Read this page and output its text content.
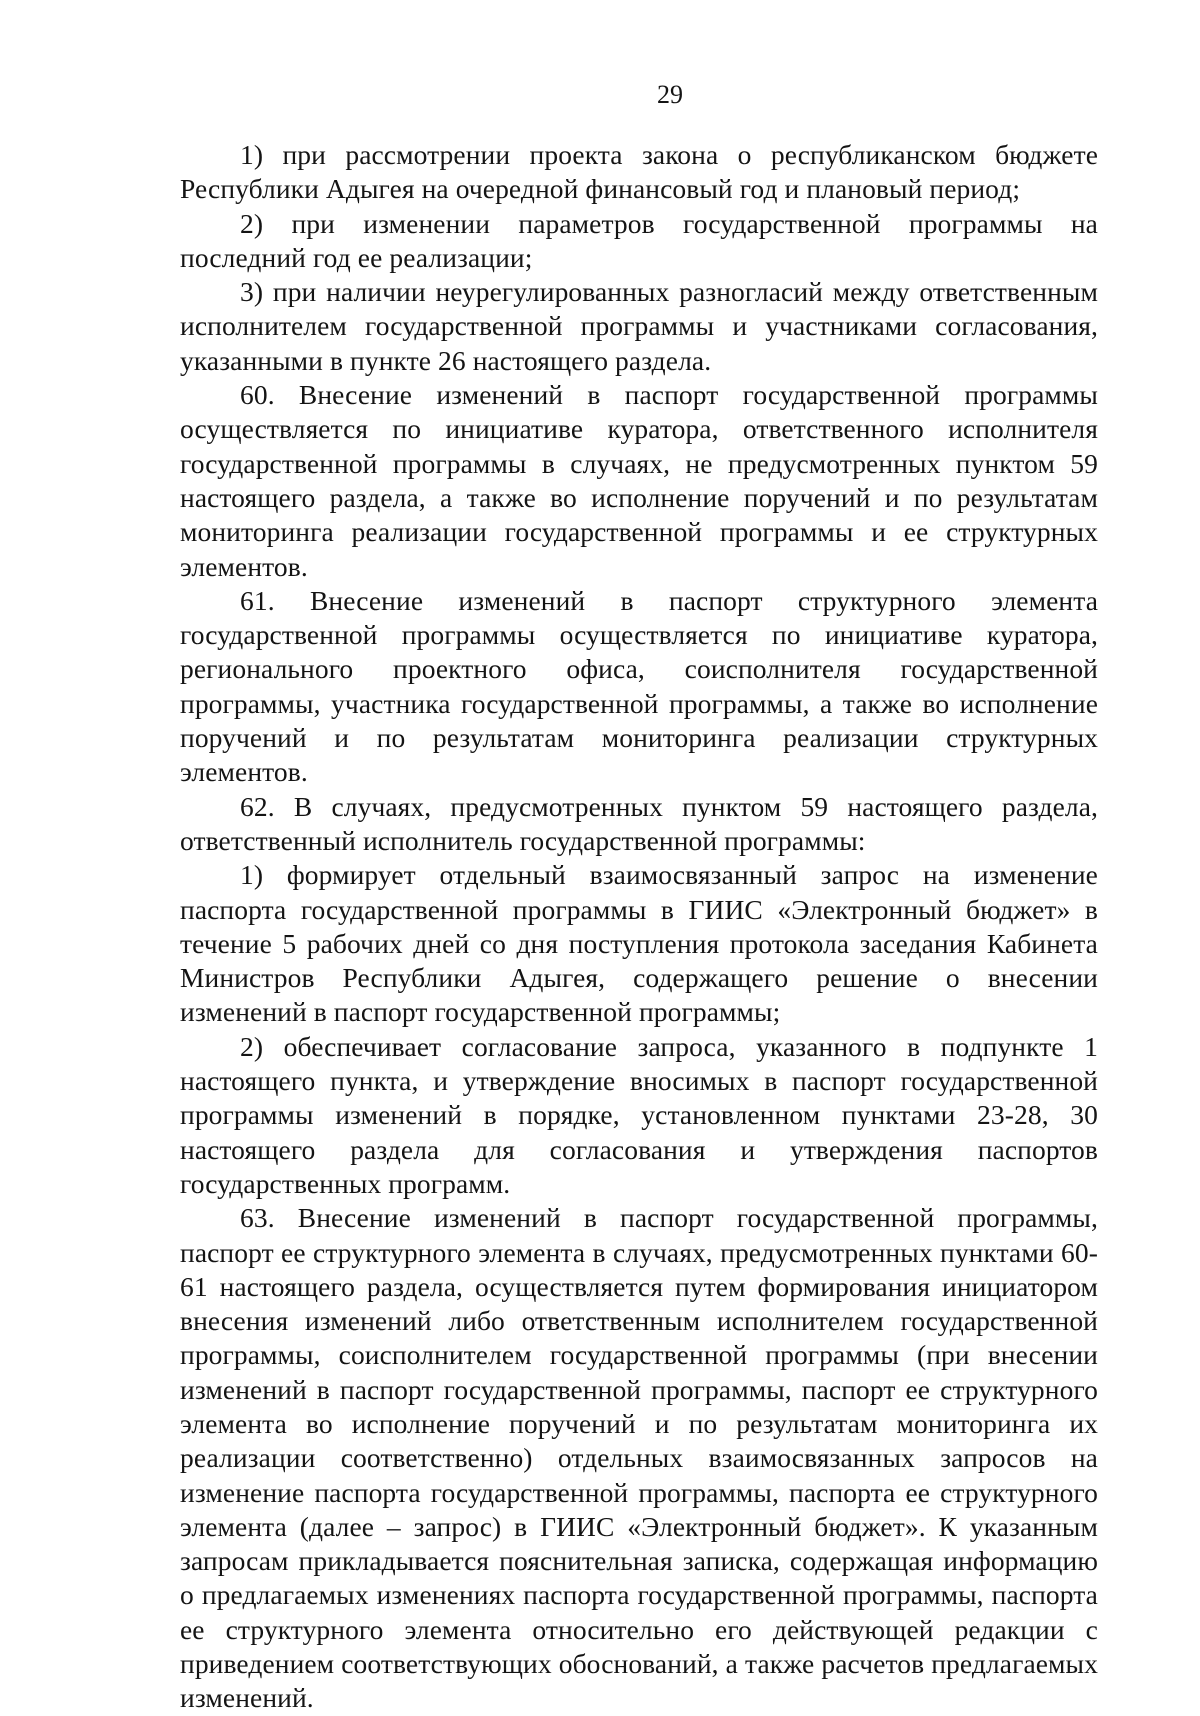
29

1) при рассмотрении проекта закона о республиканском бюджете Республики Адыгея на очередной финансовый год и плановый период;

2) при изменении параметров государственной программы на последний год ее реализации;

3) при наличии неурегулированных разногласий между ответственным исполнителем государственной программы и участниками согласования, указанными в пункте 26 настоящего раздела.

60. Внесение изменений в паспорт государственной программы осуществляется по инициативе куратора, ответственного исполнителя государственной программы в случаях, не предусмотренных пунктом 59 настоящего раздела, а также во исполнение поручений и по результатам мониторинга реализации государственной программы и ее структурных элементов.

61. Внесение изменений в паспорт структурного элемента государственной программы осуществляется по инициативе куратора, регионального проектного офиса, соисполнителя государственной программы, участника государственной программы, а также во исполнение поручений и по результатам мониторинга реализации структурных элементов.

62. В случаях, предусмотренных пунктом 59 настоящего раздела, ответственный исполнитель государственной программы:

1) формирует отдельный взаимосвязанный запрос на изменение паспорта государственной программы в ГИИС «Электронный бюджет» в течение 5 рабочих дней со дня поступления протокола заседания Кабинета Министров Республики Адыгея, содержащего решение о внесении изменений в паспорт государственной программы;

2) обеспечивает согласование запроса, указанного в подпункте 1 настоящего пункта, и утверждение вносимых в паспорт государственной программы изменений в порядке, установленном пунктами 23-28, 30 настоящего раздела для согласования и утверждения паспортов государственных программ.

63. Внесение изменений в паспорт государственной программы, паспорт ее структурного элемента в случаях, предусмотренных пунктами 60-61 настоящего раздела, осуществляется путем формирования инициатором внесения изменений либо ответственным исполнителем государственной программы, соисполнителем государственной программы (при внесении изменений в паспорт государственной программы, паспорт ее структурного элемента во исполнение поручений и по результатам мониторинга их реализации соответственно) отдельных взаимосвязанных запросов на изменение паспорта государственной программы, паспорта ее структурного элемента (далее – запрос) в ГИИС «Электронный бюджет». К указанным запросам прикладывается пояснительная записка, содержащая информацию о предлагаемых изменениях паспорта государственной программы, паспорта ее структурного элемента относительно его действующей редакции с приведением соответствующих обоснований, а также расчетов предлагаемых изменений.
